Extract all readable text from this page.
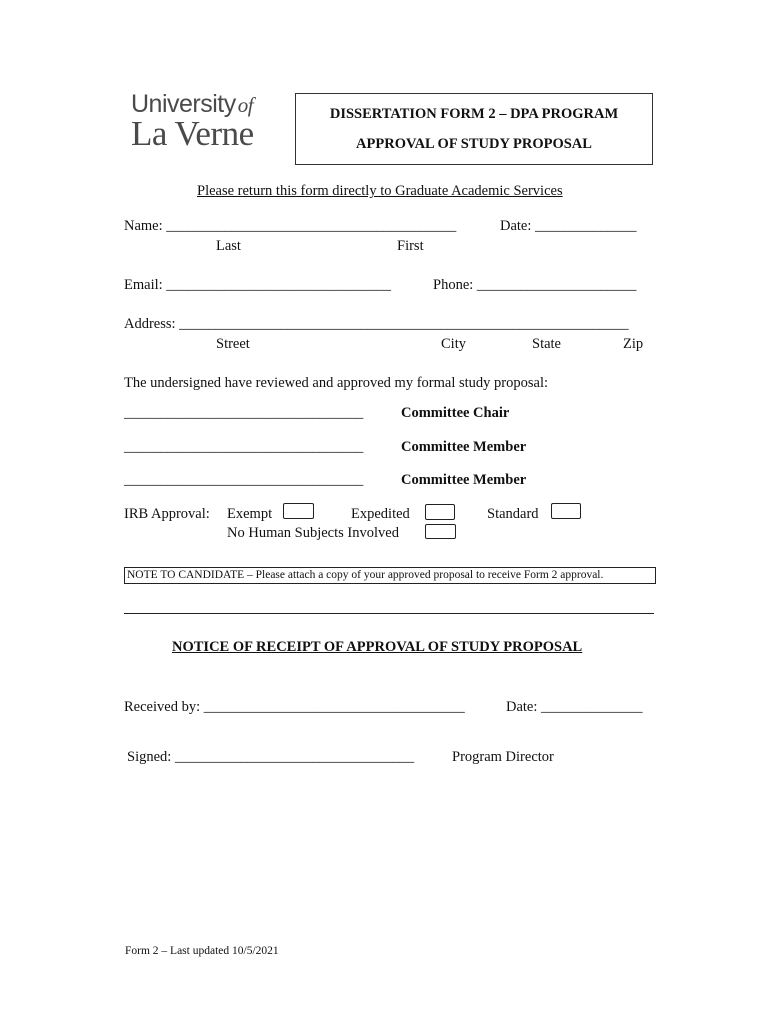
Universityof
La Verne	DISSERTATION FORM 2 – DPA PROGRAM
APPROVAL OF STUDY PROPOSAL
Please return this form directly to Graduate Academic Services
Name: ________________________________________	Date: ______________
Last	First
Email: _______________________________	Phone: ______________________
Address: ______________________________________________________________
Street	City	State	Zip
The undersigned have reviewed and approved my formal study proposal:
_________________________________	Committee Chair
_________________________________	Committee Member
_________________________________	Committee Member
IRB Approval: Exempt	Expedited	Standard
No Human Subjects Involved
NOTE TO CANDIDATE – Please attach a copy of your approved proposal to receive Form 2 approval.
NOTICE OF RECEIPT OF APPROVAL OF STUDY PROPOSAL
Received by: ____________________________________	Date: ______________
Signed: _________________________________	Program Director
Form 2 – Last updated 10/5/2021
